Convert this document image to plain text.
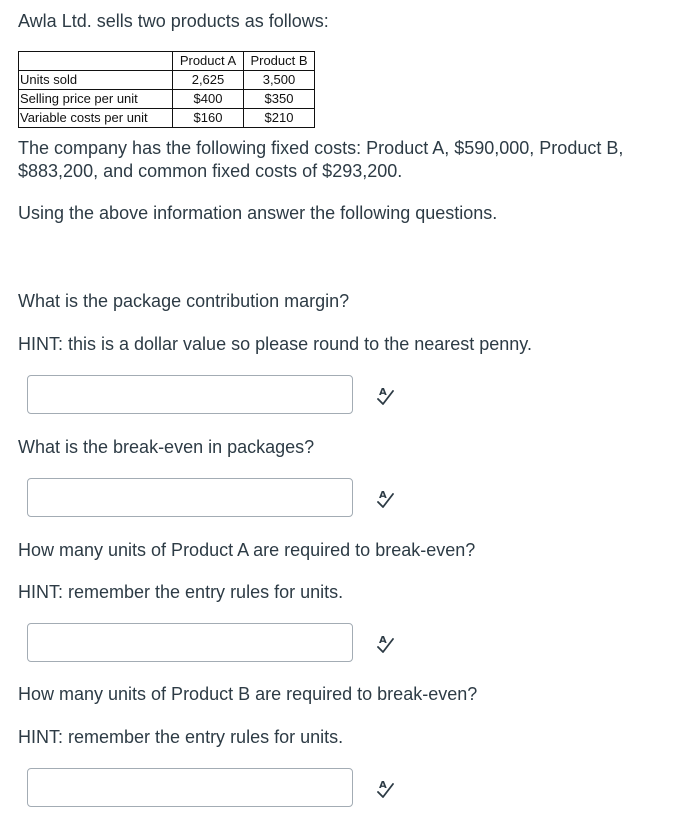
Awla Ltd. sells two products as follows:

	Product A	Product B
Units sold	2,625	3,500
Selling price per unit	$400	$350
Variable costs per unit	$160	$210

The company has the following fixed costs: Product A, $590,000, Product B,
$883,200, and common fixed costs of $293,200.

Using the above information answer the following questions.

What is the package contribution margin?

HINT: this is a dollar value so please round to the nearest penny.

A

What is the break-even in packages?

A

How many units of Product A are required to break-even?

HINT: remember the entry rules for units.

A

How many units of Product B are required to break-even?

HINT: remember the entry rules for units.

A
